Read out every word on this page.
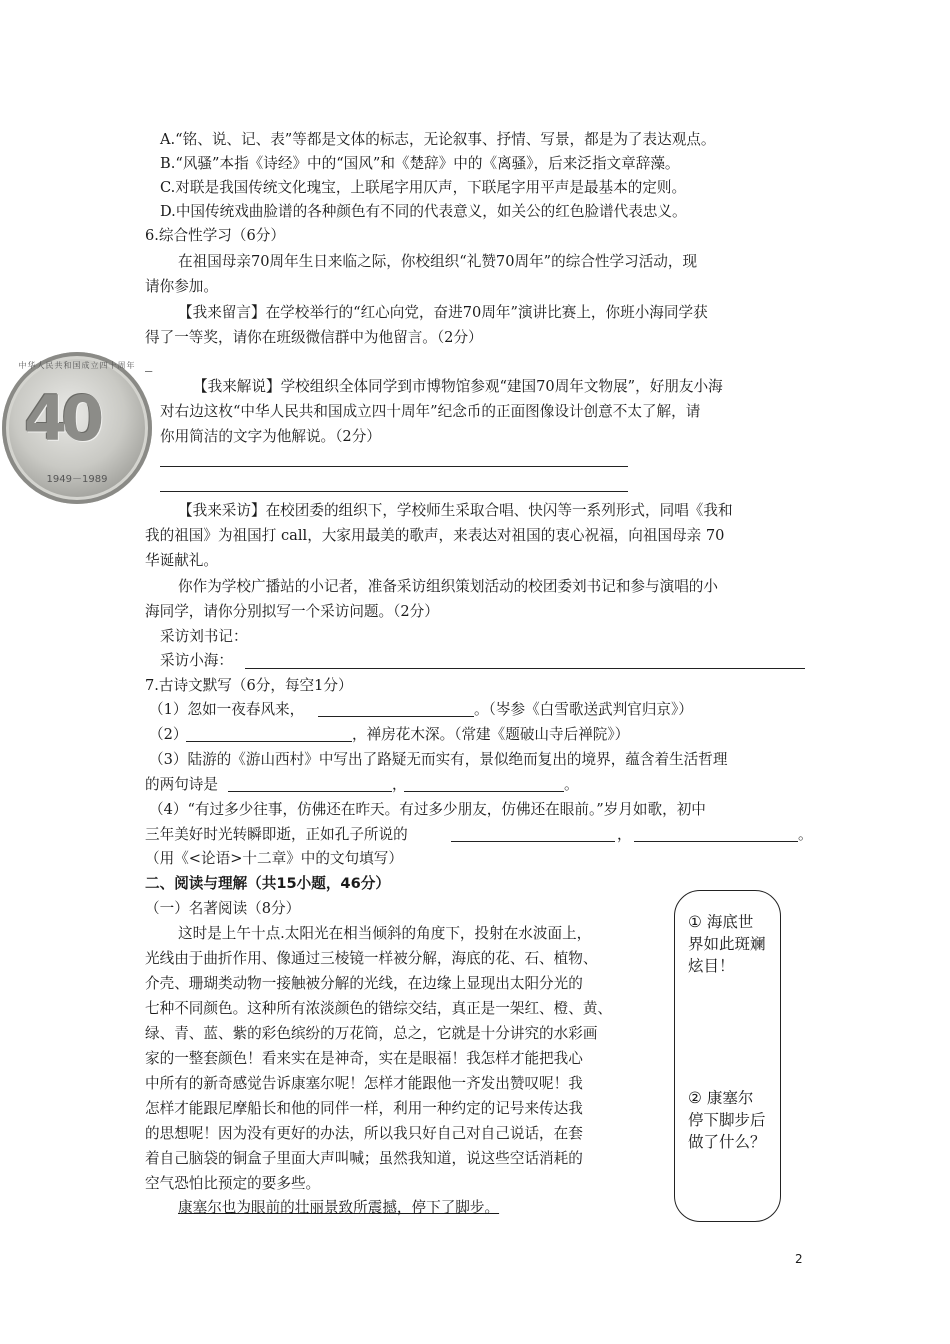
A.“铭、说、记、表”等都是文体的标志，无论叙事、抒情、写景，都是为了表达观点。
B.“风骚”本指《诗经》中的“国风”和《楚辞》中的《离骚》，后来泛指文章辞藻。
C.对联是我国传统文化瑰宝，上联尾字用仄声，下联尾字用平声是最基本的定则。
D.中国传统戏曲脸谱的各种颜色有不同的代表意义，如关公的红色脸谱代表忠义。
6.综合性学习（6分）
在祖国母亲70周年生日来临之际，你校组织“礼赞70周年”的综合性学习活动，现
请你参加。
【我来留言】在学校举行的“红心向党，奋进70周年”演讲比赛上，你班小海同学获
得了一等奖，请你在班级微信群中为他留言。（2分）
_
中华人民共和国成立四十周年
40
1949－1989
【我来解说】学校组织全体同学到市博物馆参观“建国70周年文物展”，好朋友小海
对右边这枚“中华人民共和国成立四十周年”纪念币的正面图像设计创意不太了解，请
你用简洁的文字为他解说。（2分）
【我来采访】在校团委的组织下，学校师生采取合唱、快闪等一系列形式，同唱《我和
我的祖国》为祖国打 call，大家用最美的歌声，来表达对祖国的衷心祝福，向祖国母亲 70
华诞献礼。
你作为学校广播站的小记者，准备采访组织策划活动的校团委刘书记和参与演唱的小
海同学，请你分别拟写一个采访问题。（2分）
采访刘书记：
采访小海：
7.古诗文默写（6分，每空1分）
（1）忽如一夜春风来，	。（岑参《白雪歌送武判官归京》）
（2）	，禅房花木深。（常建《题破山寺后禅院》）
（3）陆游的《游山西村》中写出了路疑无而实有，景似绝而复出的境界，蕴含着生活哲理
的两句诗是	，	。
（4）“有过多少往事，仿佛还在昨天。有过多少朋友，仿佛还在眼前。”岁月如歌，初中
三年美好时光转瞬即逝，正如孔子所说的	，	。
（用《<论语>十二章》中的文句填写）
二、阅读与理解（共15小题，46分）
（一）名著阅读（8分）
这时是上午十点.太阳光在相当倾斜的角度下，投射在水波面上，
光线由于曲折作用、像通过三棱镜一样被分解，海底的花、石、植物、
介壳、珊瑚类动物一接触被分解的光线，在边缘上显现出太阳分光的
七种不同颜色。这种所有浓淡颜色的错综交结，真正是一架红、橙、黄、
绿、青、蓝、紫的彩色缤纷的万花筒，总之，它就是十分讲究的水彩画
家的一整套颜色！看来实在是神奇，实在是眼福！我怎样才能把我心
中所有的新奇感觉告诉康塞尔呢！怎样才能跟他一齐发出赞叹呢！我
怎样才能跟尼摩船长和他的同伴一样，利用一种约定的记号来传达我
的思想呢！因为没有更好的办法，所以我只好自己对自己说话，在套
着自己脑袋的铜盒子里面大声叫喊；虽然我知道，说这些空话消耗的
空气恐怕比预定的要多些。
康塞尔也为眼前的壮丽景致所震撼，停下了脚步。
① 海底世界如此斑斓炫目！
② 康塞尔停下脚步后做了什么？
2
